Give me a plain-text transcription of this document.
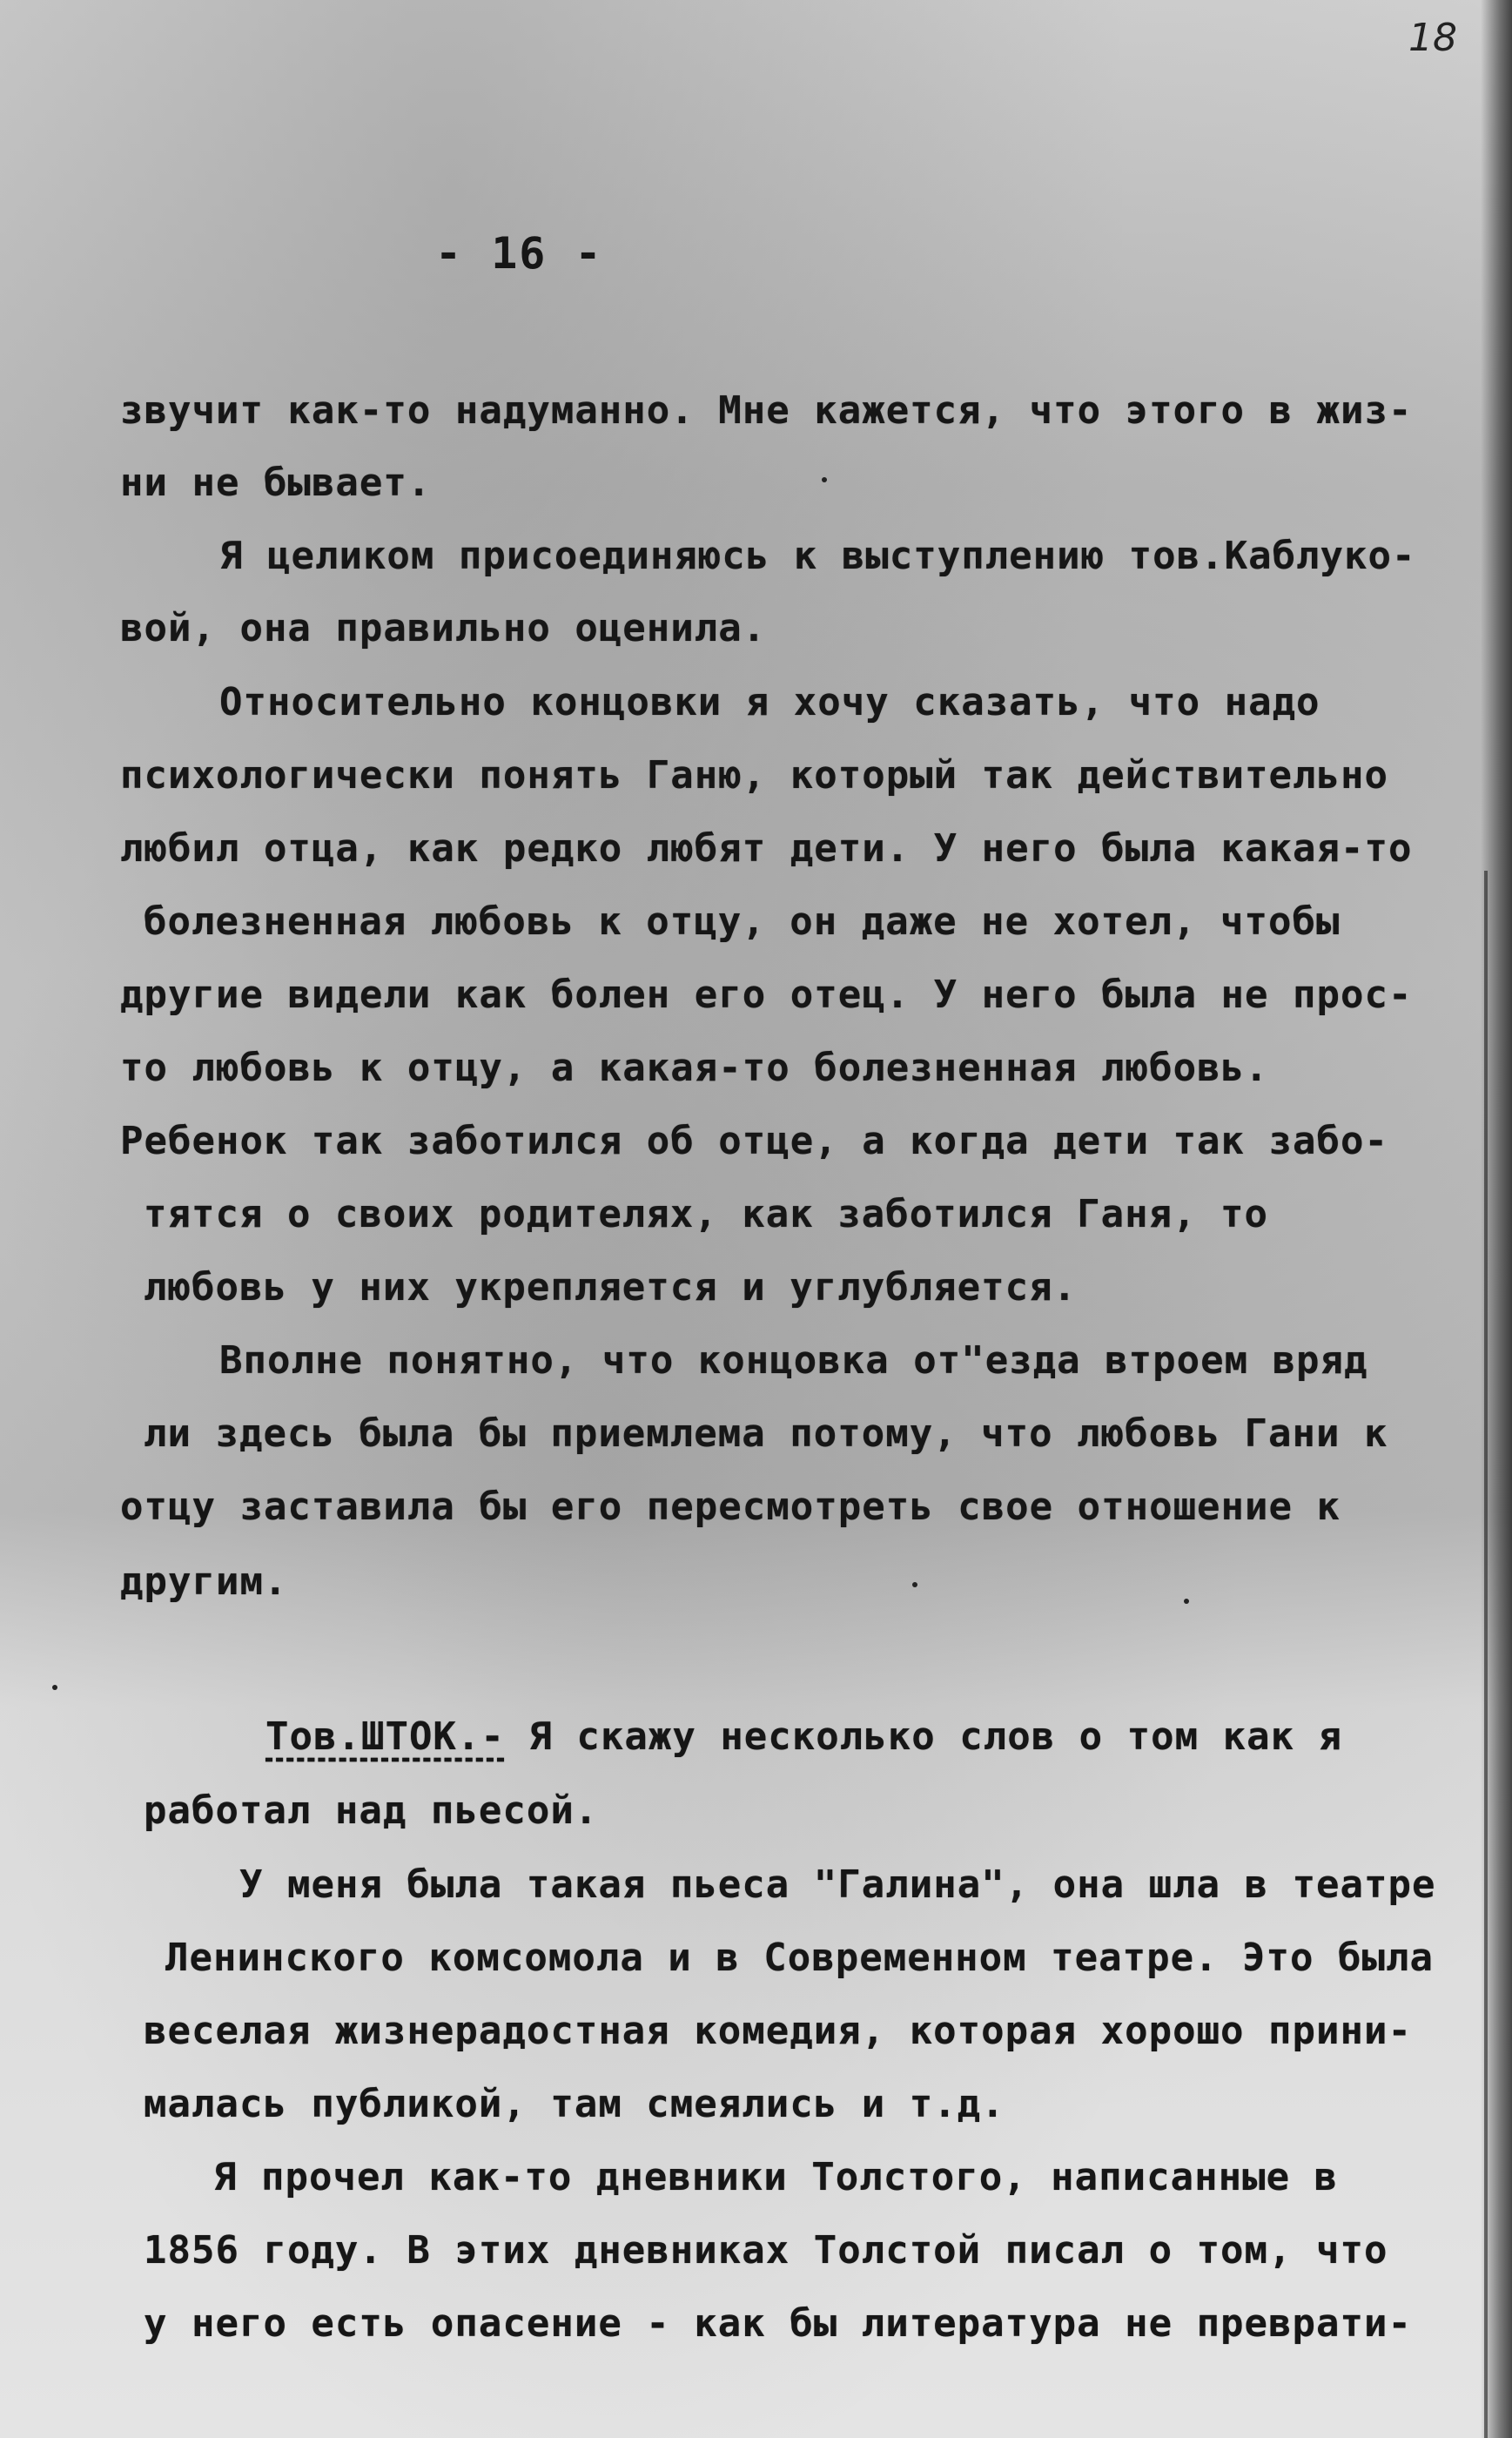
18
- 16 -
звучит как-то надуманно. Мне кажется, что этого в жиз-
ни не бывает.
Я целиком присоединяюсь к выступлению тов.Каблуко-
вой, она правильно оценила.
Относительно концовки я хочу сказать, что надо
психологически понять Ганю, который так действительно
любил отца, как редко любят дети. У него была какая-то
болезненная любовь к отцу, он даже не хотел, чтобы
другие видели как болен его отец. У него была не прос-
то любовь к отцу, а какая-то болезненная любовь.
Ребенок так заботился об отце, а когда дети так забо-
тятся о своих родителях, как заботился Ганя, то
любовь у них укрепляется и углубляется.
Вполне понятно, что концовка от"езда втроем вряд
ли здесь была бы приемлема потому, что любовь Гани к
отцу заставила бы его пересмотреть свое отношение к
другим.
Тов.ШТОК.- Я скажу несколько слов о том как я
работал над пьесой.
У меня была такая пьеса "Галина", она шла в театре
Ленинского комсомола и в Современном театре. Это была
веселая жизнерадостная комедия, которая хорошо прини-
малась публикой, там смеялись и т.д.
Я прочел как-то дневники Толстого, написанные в
1856 году. В этих дневниках Толстой писал о том, что
у него есть опасение - как бы литература не преврати-
